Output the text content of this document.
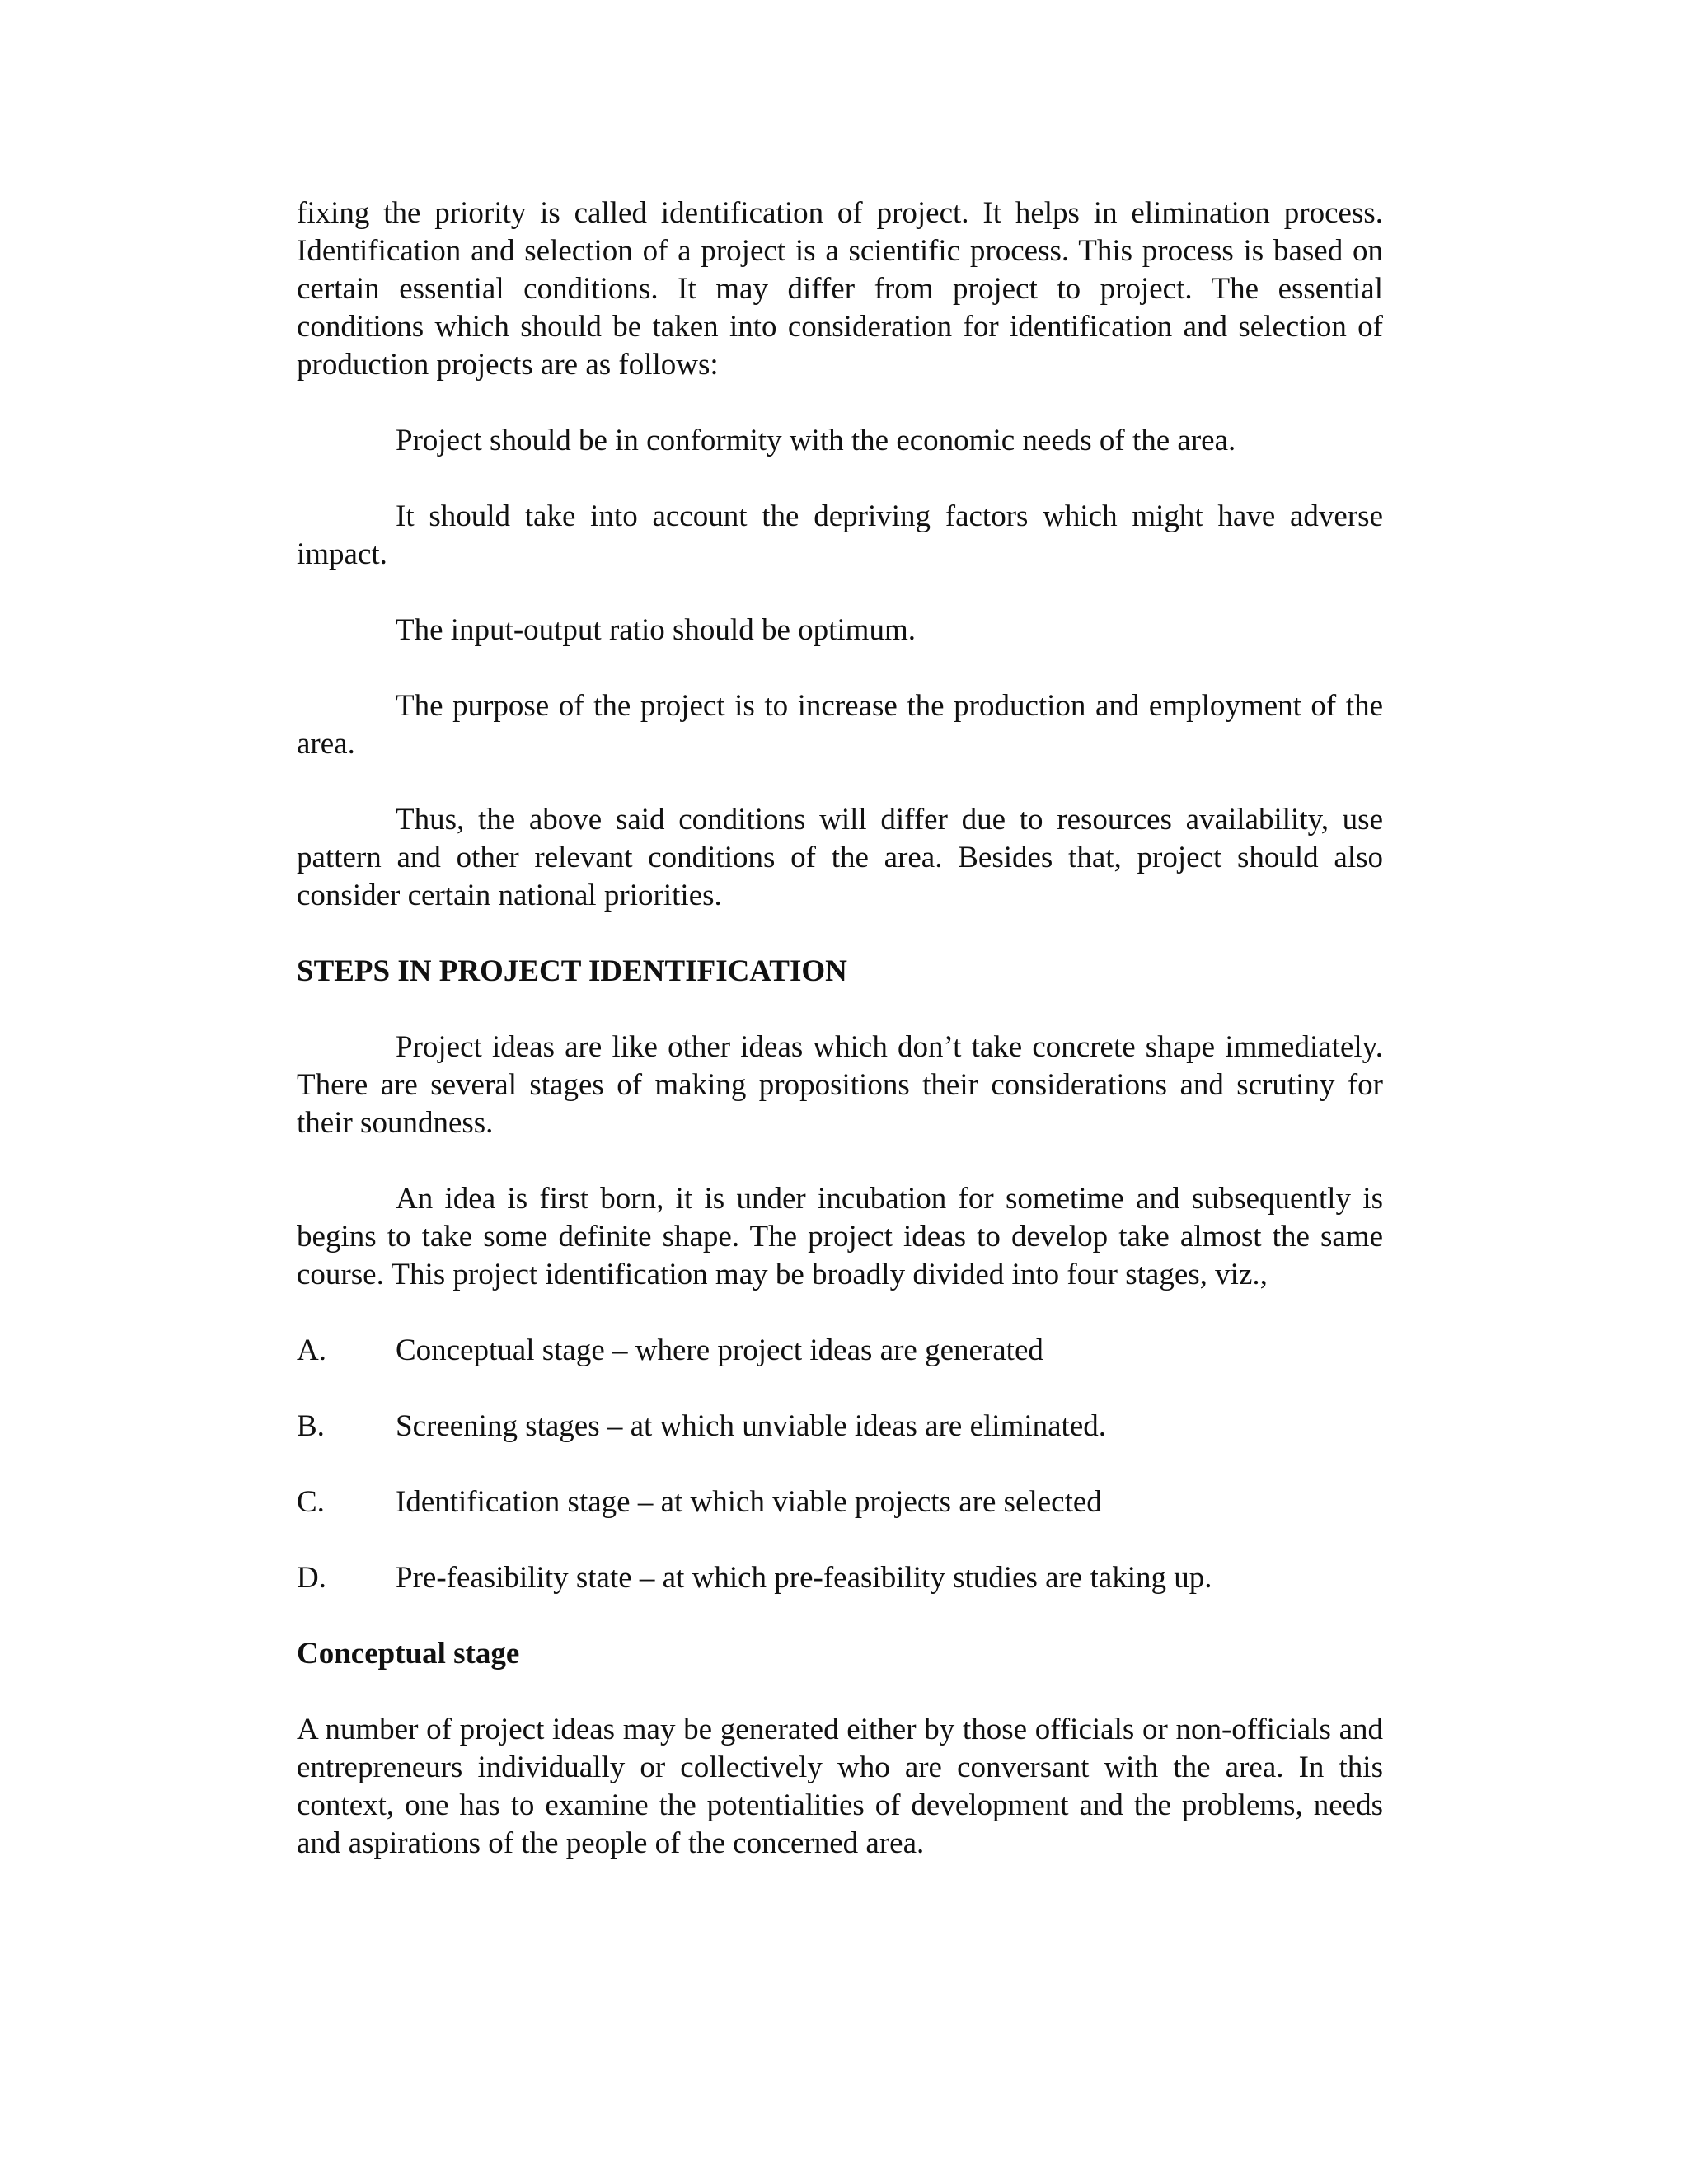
fixing the priority is called identification of project. It helps in elimination process. Identification and selection of a project is a scientific process. This process is based on certain essential conditions. It may differ from project to project. The essential conditions which should be taken into consideration for identification and selection of production projects are as follows:

Project should be in conformity with the economic needs of the area.

It should take into account the depriving factors which might have adverse impact.

The input-output ratio should be optimum.

The purpose of the project is to increase the production and employment of the area.

Thus, the above said conditions will differ due to resources availability, use pattern and other relevant conditions of the area. Besides that, project should also consider certain national priorities.

STEPS IN PROJECT IDENTIFICATION

Project ideas are like other ideas which don’t take concrete shape immediately. There are several stages of making propositions their considerations and scrutiny for their soundness.

An idea is first born, it is under incubation for sometime and subsequently is begins to take some definite shape. The project ideas to develop take almost the same course. This project identification may be broadly divided into four stages, viz.,

A.	Conceptual stage – where project ideas are generated
B.	Screening stages – at which unviable ideas are eliminated.
C.	Identification stage – at which viable projects are selected
D.	Pre-feasibility state – at which pre-feasibility studies are taking up.
Conceptual stage

A number of project ideas may be generated either by those officials or non-officials and entrepreneurs individually or collectively who are conversant with the area. In this context, one has to examine the potentialities of development and the problems, needs and aspirations of the people of the concerned area.
